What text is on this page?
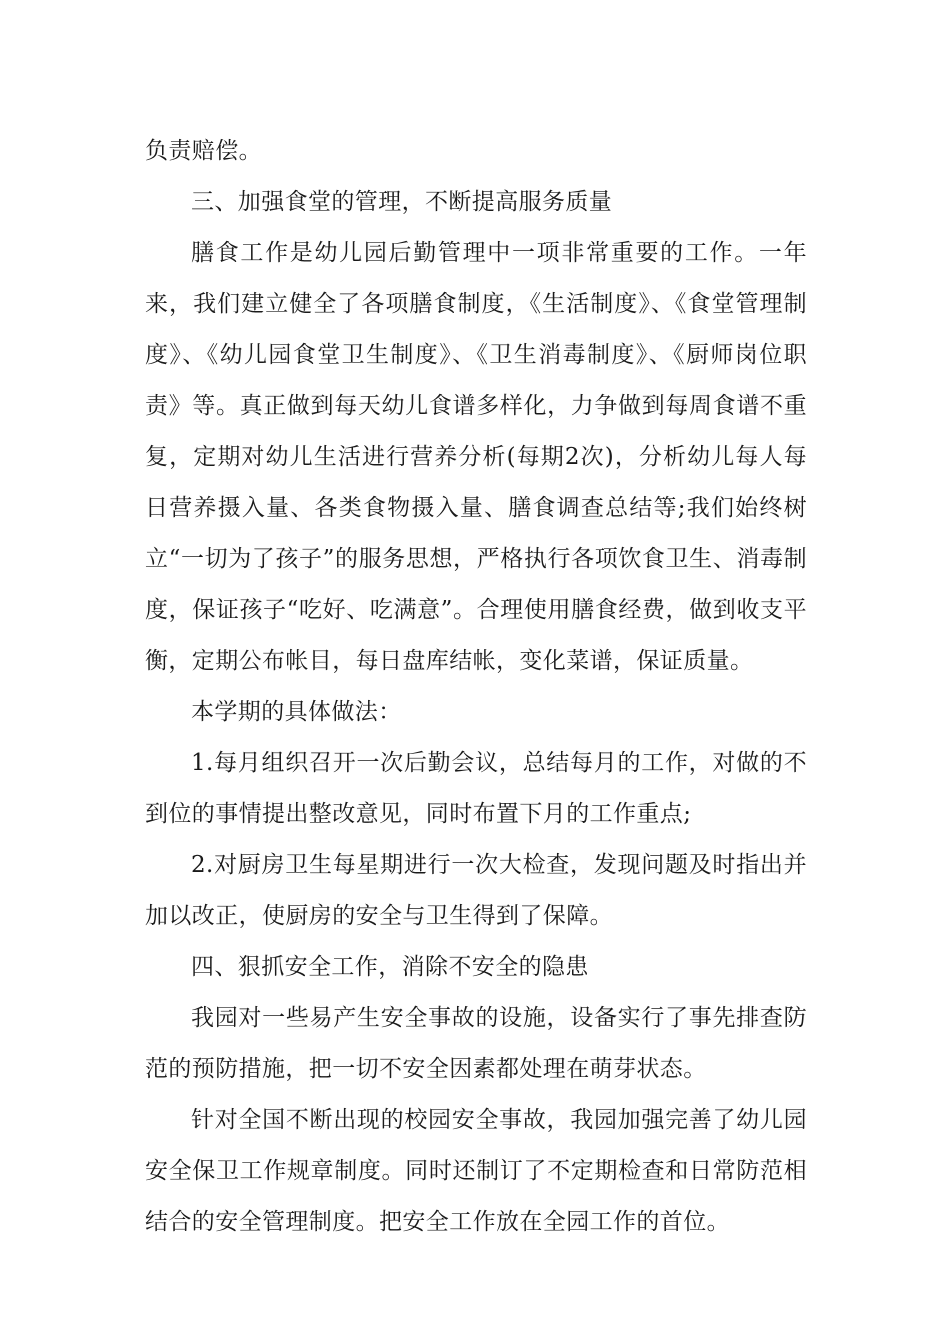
负责赔偿。

三、加强食堂的管理，不断提高服务质量

膳食工作是幼儿园后勤管理中一项非常重要的工作。一年来，我们建立健全了各项膳食制度，《生活制度》、《食堂管理制度》、《幼儿园食堂卫生制度》、《卫生消毒制度》、《厨师岗位职责》等。真正做到每天幼儿食谱多样化，力争做到每周食谱不重复，定期对幼儿生活进行营养分析(每期2次)，分析幼儿每人每日营养摄入量、各类食物摄入量、膳食调查总结等;我们始终树立“一切为了孩子”的服务思想，严格执行各项饮食卫生、消毒制度，保证孩子“吃好、吃满意”。合理使用膳食经费，做到收支平衡，定期公布帐目，每日盘库结帐，变化菜谱，保证质量。

本学期的具体做法：

1.每月组织召开一次后勤会议，总结每月的工作，对做的不到位的事情提出整改意见，同时布置下月的工作重点;

2.对厨房卫生每星期进行一次大检查，发现问题及时指出并加以改正，使厨房的安全与卫生得到了保障。

四、狠抓安全工作，消除不安全的隐患

我园对一些易产生安全事故的设施，设备实行了事先排查防范的预防措施，把一切不安全因素都处理在萌芽状态。

针对全国不断出现的校园安全事故，我园加强完善了幼儿园安全保卫工作规章制度。同时还制订了不定期检查和日常防范相结合的安全管理制度。把安全工作放在全园工作的首位。
